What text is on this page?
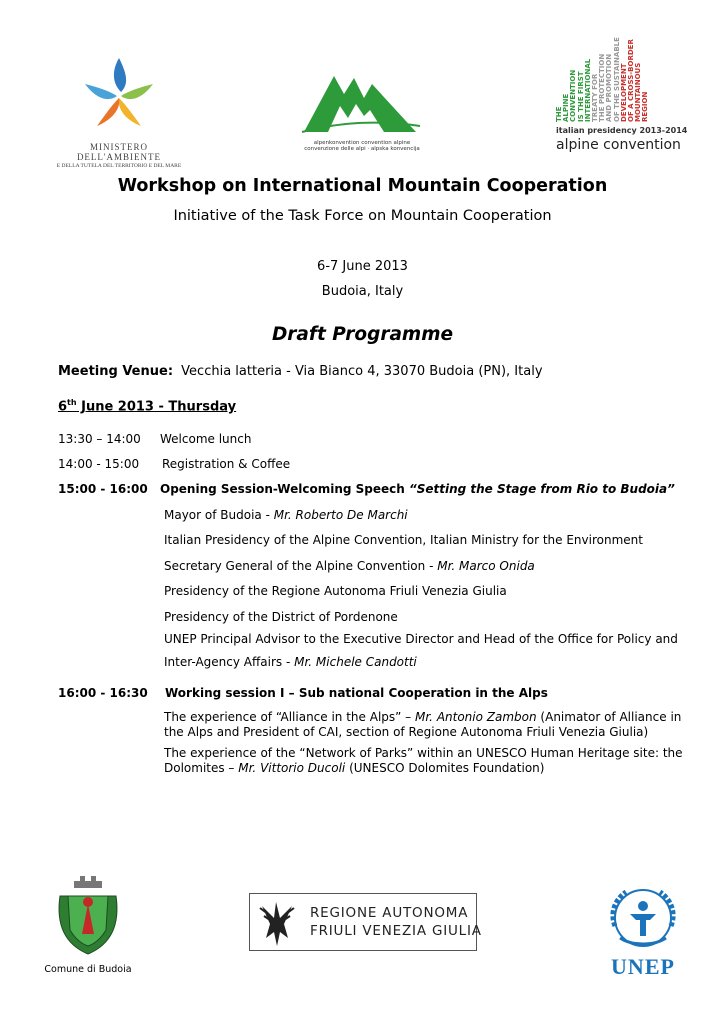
MINISTERO DELL'AMBIENTE
E DELLA TUTELA DEL TERRITORIO E DEL MARE
alpenkonvention convention alpine
convenzione delle alpi · alpska konvencija
THE ALPINE CONVENTION IS THE FIRST INTERNATIONAL TREATY FOR THE PROTECTION AND PROMOTION OF THE SUSTAINABLE DEVELOPMENT OF A CROSS-BORDER MOUNTAINOUS REGION
italian presidency 2013-2014
alpine convention
Workshop on International Mountain Cooperation
Initiative of the Task Force on Mountain Cooperation
6-7 June 2013
Budoia, Italy
Draft Programme
Meeting Venue: Vecchia latteria - Via Bianco 4, 33070 Budoia (PN), Italy
6th June 2013 - Thursday
13:30 – 14:00 Welcome lunch
14:00 - 15:00 Registration & Coffee
15:00 - 16:00 Opening Session-Welcoming Speech “Setting the Stage from Rio to Budoia”
Mayor of Budoia - Mr. Roberto De Marchi
Italian Presidency of the Alpine Convention, Italian Ministry for the Environment
Secretary General of the Alpine Convention - Mr. Marco Onida
Presidency of the Regione Autonoma Friuli Venezia Giulia
Presidency of the District of Pordenone
UNEP Principal Advisor to the Executive Director and Head of the Office for Policy and
Inter-Agency Affairs - Mr. Michele Candotti
16:00 - 16:30 Working session I – Sub national Cooperation in the Alps
The experience of “Alliance in the Alps” – Mr. Antonio Zambon (Animator of Alliance in the Alps and President of CAI, section of Regione Autonoma Friuli Venezia Giulia)
The experience of the “Network of Parks” within an UNESCO Human Heritage site: the Dolomites – Mr. Vittorio Ducoli (UNESCO Dolomites Foundation)
Comune di Budoia
REGIONE AUTONOMA
FRIULI VENEZIA GIULIA
UNEP
